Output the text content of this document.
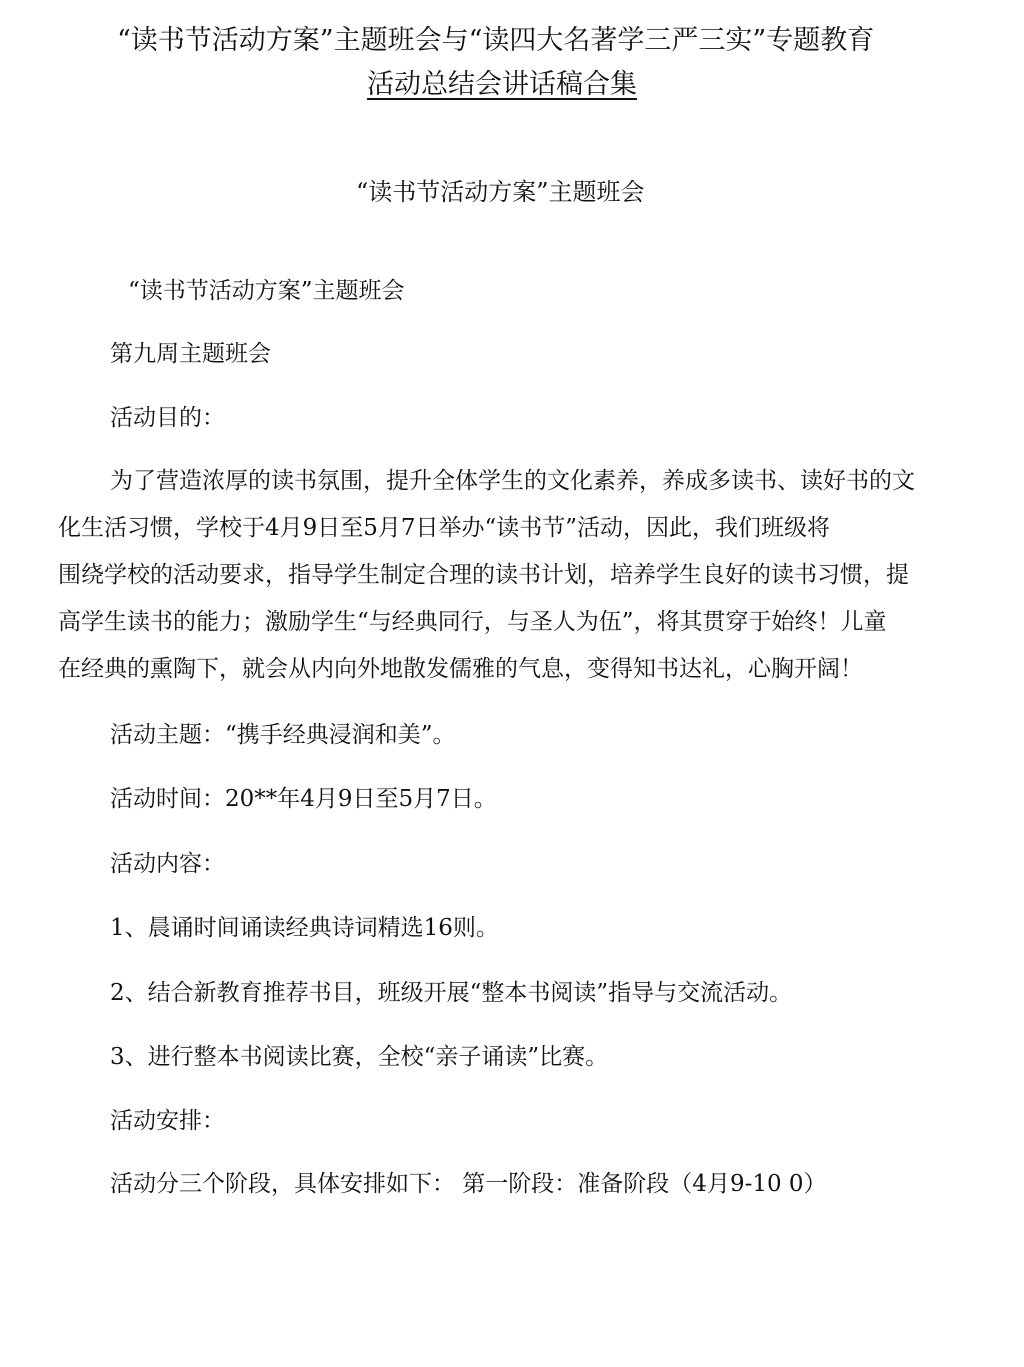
“读书节活动方案”主题班会与“读四大名著学三严三实”专题教育
活动总结会讲话稿合集
“读书节活动方案”主题班会
“读书节活动方案”主题班会
第九周主题班会
活动目的：
为了营造浓厚的读书氛围，提升全体学生的文化素养，养成多读书、读好书的文
化生活习惯，学校于4月9日至5月7日举办“读书节”活动，因此，我们班级将
围绕学校的活动要求，指导学生制定合理的读书计划，培养学生良好的读书习惯，提
高学生读书的能力；激励学生“与经典同行，与圣人为伍”，将其贯穿于始终！儿童
在经典的熏陶下，就会从内向外地散发儒雅的气息，变得知书达礼，心胸开阔！
活动主题：“携手经典浸润和美”。
活动时间：20**年4月9日至5月7日。
活动内容：
1、晨诵时间诵读经典诗词精选16则。
2、结合新教育推荐书目，班级开展“整本书阅读”指导与交流活动。
3、进行整本书阅读比赛，全校“亲子诵读”比赛。
活动安排：
活动分三个阶段，具体安排如下： 第一阶段：准备阶段（4月9-10 0）
